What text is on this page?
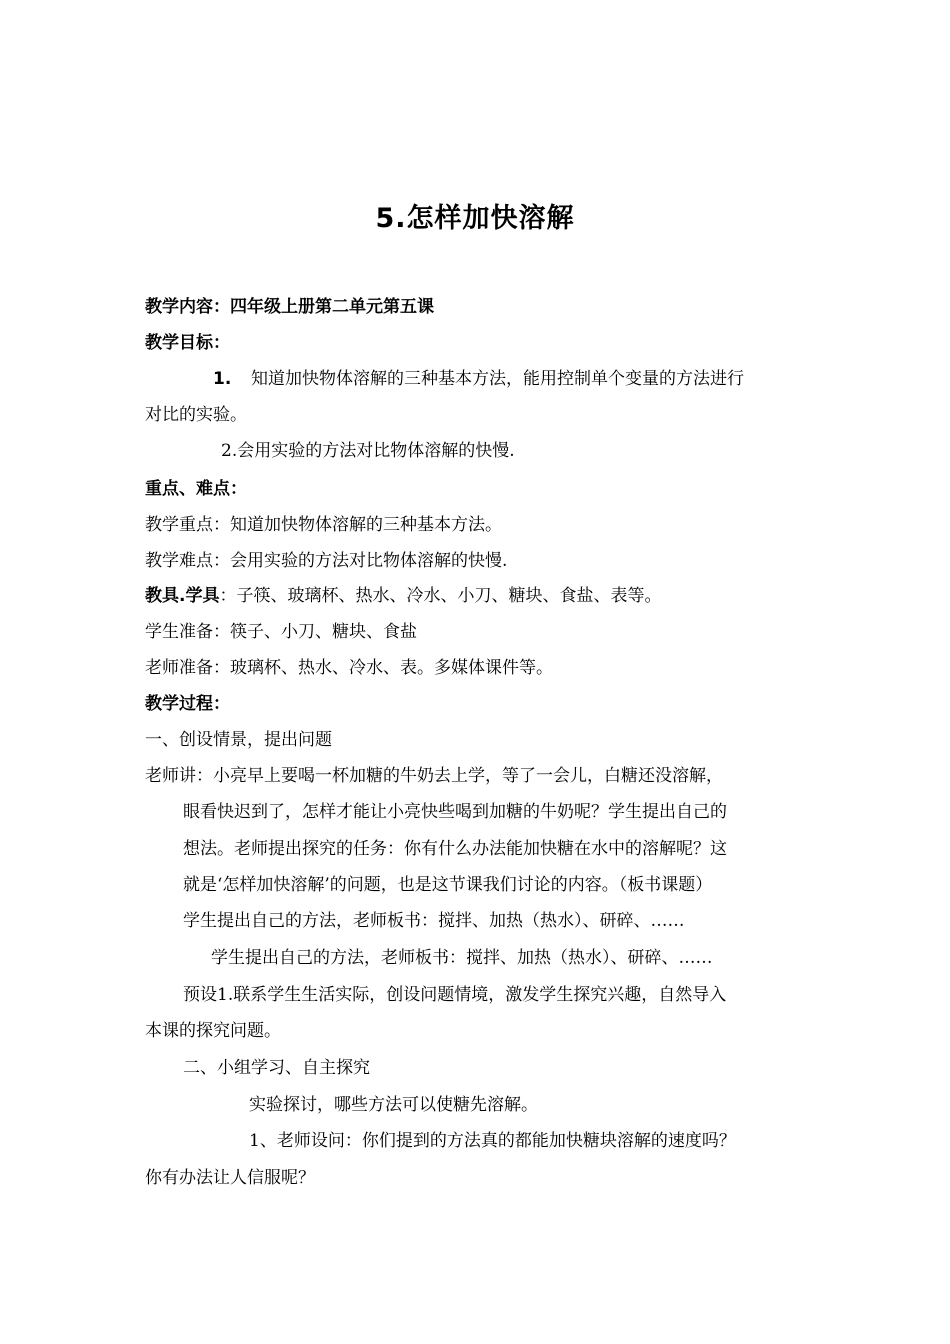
5.怎样加快溶解
教学内容：四年级上册第二单元第五课
教学目标：
1. 知道加快物体溶解的三种基本方法，能用控制单个变量的方法进行
对比的实验。
2.会用实验的方法对比物体溶解的快慢.
重点、难点：
教学重点：知道加快物体溶解的三种基本方法。
教学难点：会用实验的方法对比物体溶解的快慢.
教具.学具：子筷、玻璃杯、热水、冷水、小刀、糖块、食盐、表等。
学生准备：筷子、小刀、糖块、食盐
老师准备：玻璃杯、热水、冷水、表。多媒体课件等。
教学过程：
一、创设情景，提出问题
老师讲：小亮早上要喝一杯加糖的牛奶去上学，等了一会儿，白糖还没溶解，
眼看快迟到了，怎样才能让小亮快些喝到加糖的牛奶呢？学生提出自己的
想法。老师提出探究的任务：你有什么办法能加快糖在水中的溶解呢？这
就是‘怎样加快溶解’的问题，也是这节课我们讨论的内容。（板书课题）
学生提出自己的方法，老师板书：搅拌、加热（热水）、研碎、……
学生提出自己的方法，老师板书：搅拌、加热（热水）、研碎、……
预设1.联系学生生活实际，创设问题情境，激发学生探究兴趣，自然导入
本课的探究问题。
二、小组学习、自主探究
实验探讨，哪些方法可以使糖先溶解。
1、老师设问：你们提到的方法真的都能加快糖块溶解的速度吗？
你有办法让人信服呢？
